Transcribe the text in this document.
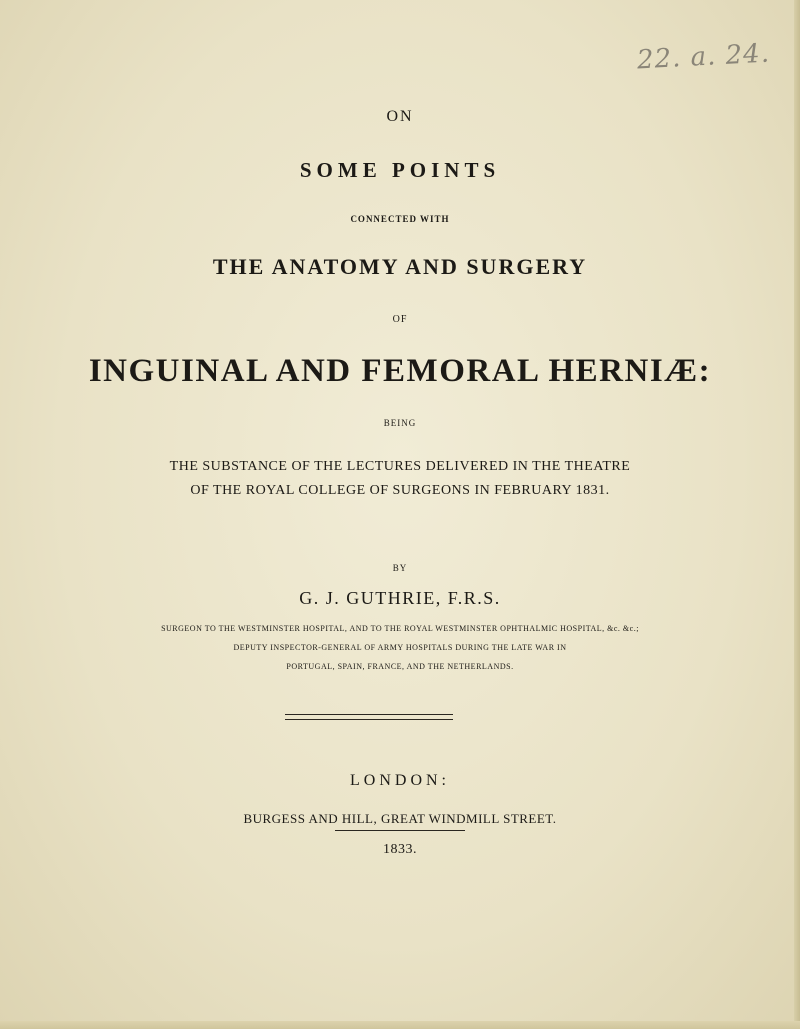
22. a. 24.
ON
SOME POINTS
CONNECTED WITH
THE ANATOMY AND SURGERY
OF
INGUINAL AND FEMORAL HERNIÆ:
BEING
THE SUBSTANCE OF THE LECTURES DELIVERED IN THE THEATRE
OF THE ROYAL COLLEGE OF SURGEONS IN FEBRUARY 1831.
BY
G. J. GUTHRIE, F.R.S.
SURGEON TO THE WESTMINSTER HOSPITAL, AND TO THE ROYAL WESTMINSTER OPHTHALMIC HOSPITAL, &c. &c.;
DEPUTY INSPECTOR-GENERAL OF ARMY HOSPITALS DURING THE LATE WAR IN
PORTUGAL, SPAIN, FRANCE, AND THE NETHERLANDS.
LONDON:
BURGESS AND HILL, GREAT WINDMILL STREET.
1833.
